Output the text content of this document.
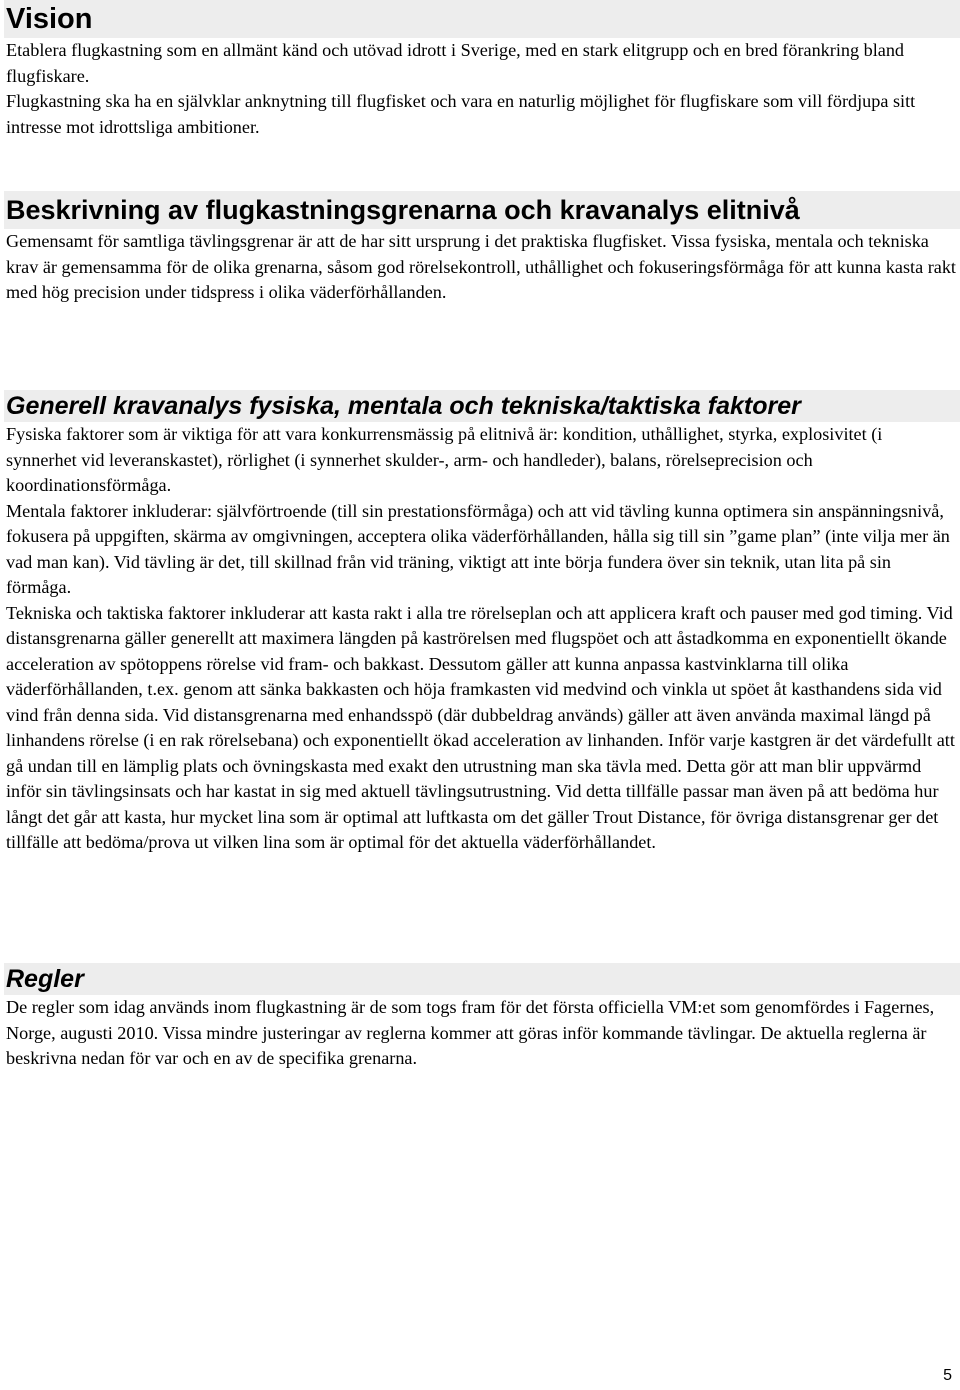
Vision

Etablera flugkastning som en allmänt känd och utövad idrott i Sverige, med en stark elitgrupp och en bred förankring bland flugfiskare.

Flugkastning ska ha en självklar anknytning till flugfisket och vara en naturlig möjlighet för flugfiskare som vill fördjupa sitt intresse mot idrottsliga ambitioner.

Beskrivning av flugkastningsgrenarna och kravanalys elitnivå

Gemensamt för samtliga tävlingsgrenar är att de har sitt ursprung i det praktiska flugfisket. Vissa fysiska, mentala och tekniska krav är gemensamma för de olika grenarna, såsom god rörelsekontroll, uthållighet och fokuseringsförmåga för att kunna kasta rakt med hög precision under tidspress i olika väderförhållanden.

Generell kravanalys fysiska, mentala och tekniska/taktiska faktorer

Fysiska faktorer som är viktiga för att vara konkurrensmässig på elitnivå är: kondition, uthållighet, styrka, explosivitet (i synnerhet vid leveranskastet), rörlighet (i synnerhet skulder-, arm- och handleder), balans, rörelseprecision och koordinationsförmåga.

Mentala faktorer inkluderar: självförtroende (till sin prestationsförmåga) och att vid tävling kunna optimera sin anspänningsnivå, fokusera på uppgiften, skärma av omgivningen, acceptera olika väderförhållanden, hålla sig till sin ”game plan” (inte vilja mer än vad man kan). Vid tävling är det, till skillnad från vid träning, viktigt att inte börja fundera över sin teknik, utan lita på sin förmåga.

Tekniska och taktiska faktorer inkluderar att kasta rakt i alla tre rörelseplan och att applicera kraft och pauser med god timing. Vid distansgrenarna gäller generellt att maximera längden på kaströrelsen med flugspöet och att åstadkomma en exponentiellt ökande acceleration av spötoppens rörelse vid fram- och bakkast. Dessutom gäller att kunna anpassa kastvinklarna till olika väderförhållanden, t.ex. genom att sänka bakkasten och höja framkasten vid medvind och vinkla ut spöet åt kasthandens sida vid vind från denna sida. Vid distansgrenarna med enhandsspö (där dubbeldrag används) gäller att även använda maximal längd på linhandens rörelse (i en rak rörelsebana) och exponentiellt ökad acceleration av linhanden. Inför varje kastgren är det värdefullt att gå undan till en lämplig plats och övningskasta med exakt den utrustning man ska tävla med. Detta gör att man blir uppvärmd inför sin tävlingsinsats och har kastat in sig med aktuell tävlingsutrustning. Vid detta tillfälle passar man även på att bedöma hur långt det går att kasta, hur mycket lina som är optimal att luftkasta om det gäller Trout Distance, för övriga distansgrenar ger det tillfälle att bedöma/prova ut vilken lina som är optimal för det aktuella väderförhållandet.

Regler

De regler som idag används inom flugkastning är de som togs fram för det första officiella VM:et som genomfördes i Fagernes, Norge, augusti 2010. Vissa mindre justeringar av reglerna kommer att göras inför kommande tävlingar. De aktuella reglerna är beskrivna nedan för var och en av de specifika grenarna.

5
